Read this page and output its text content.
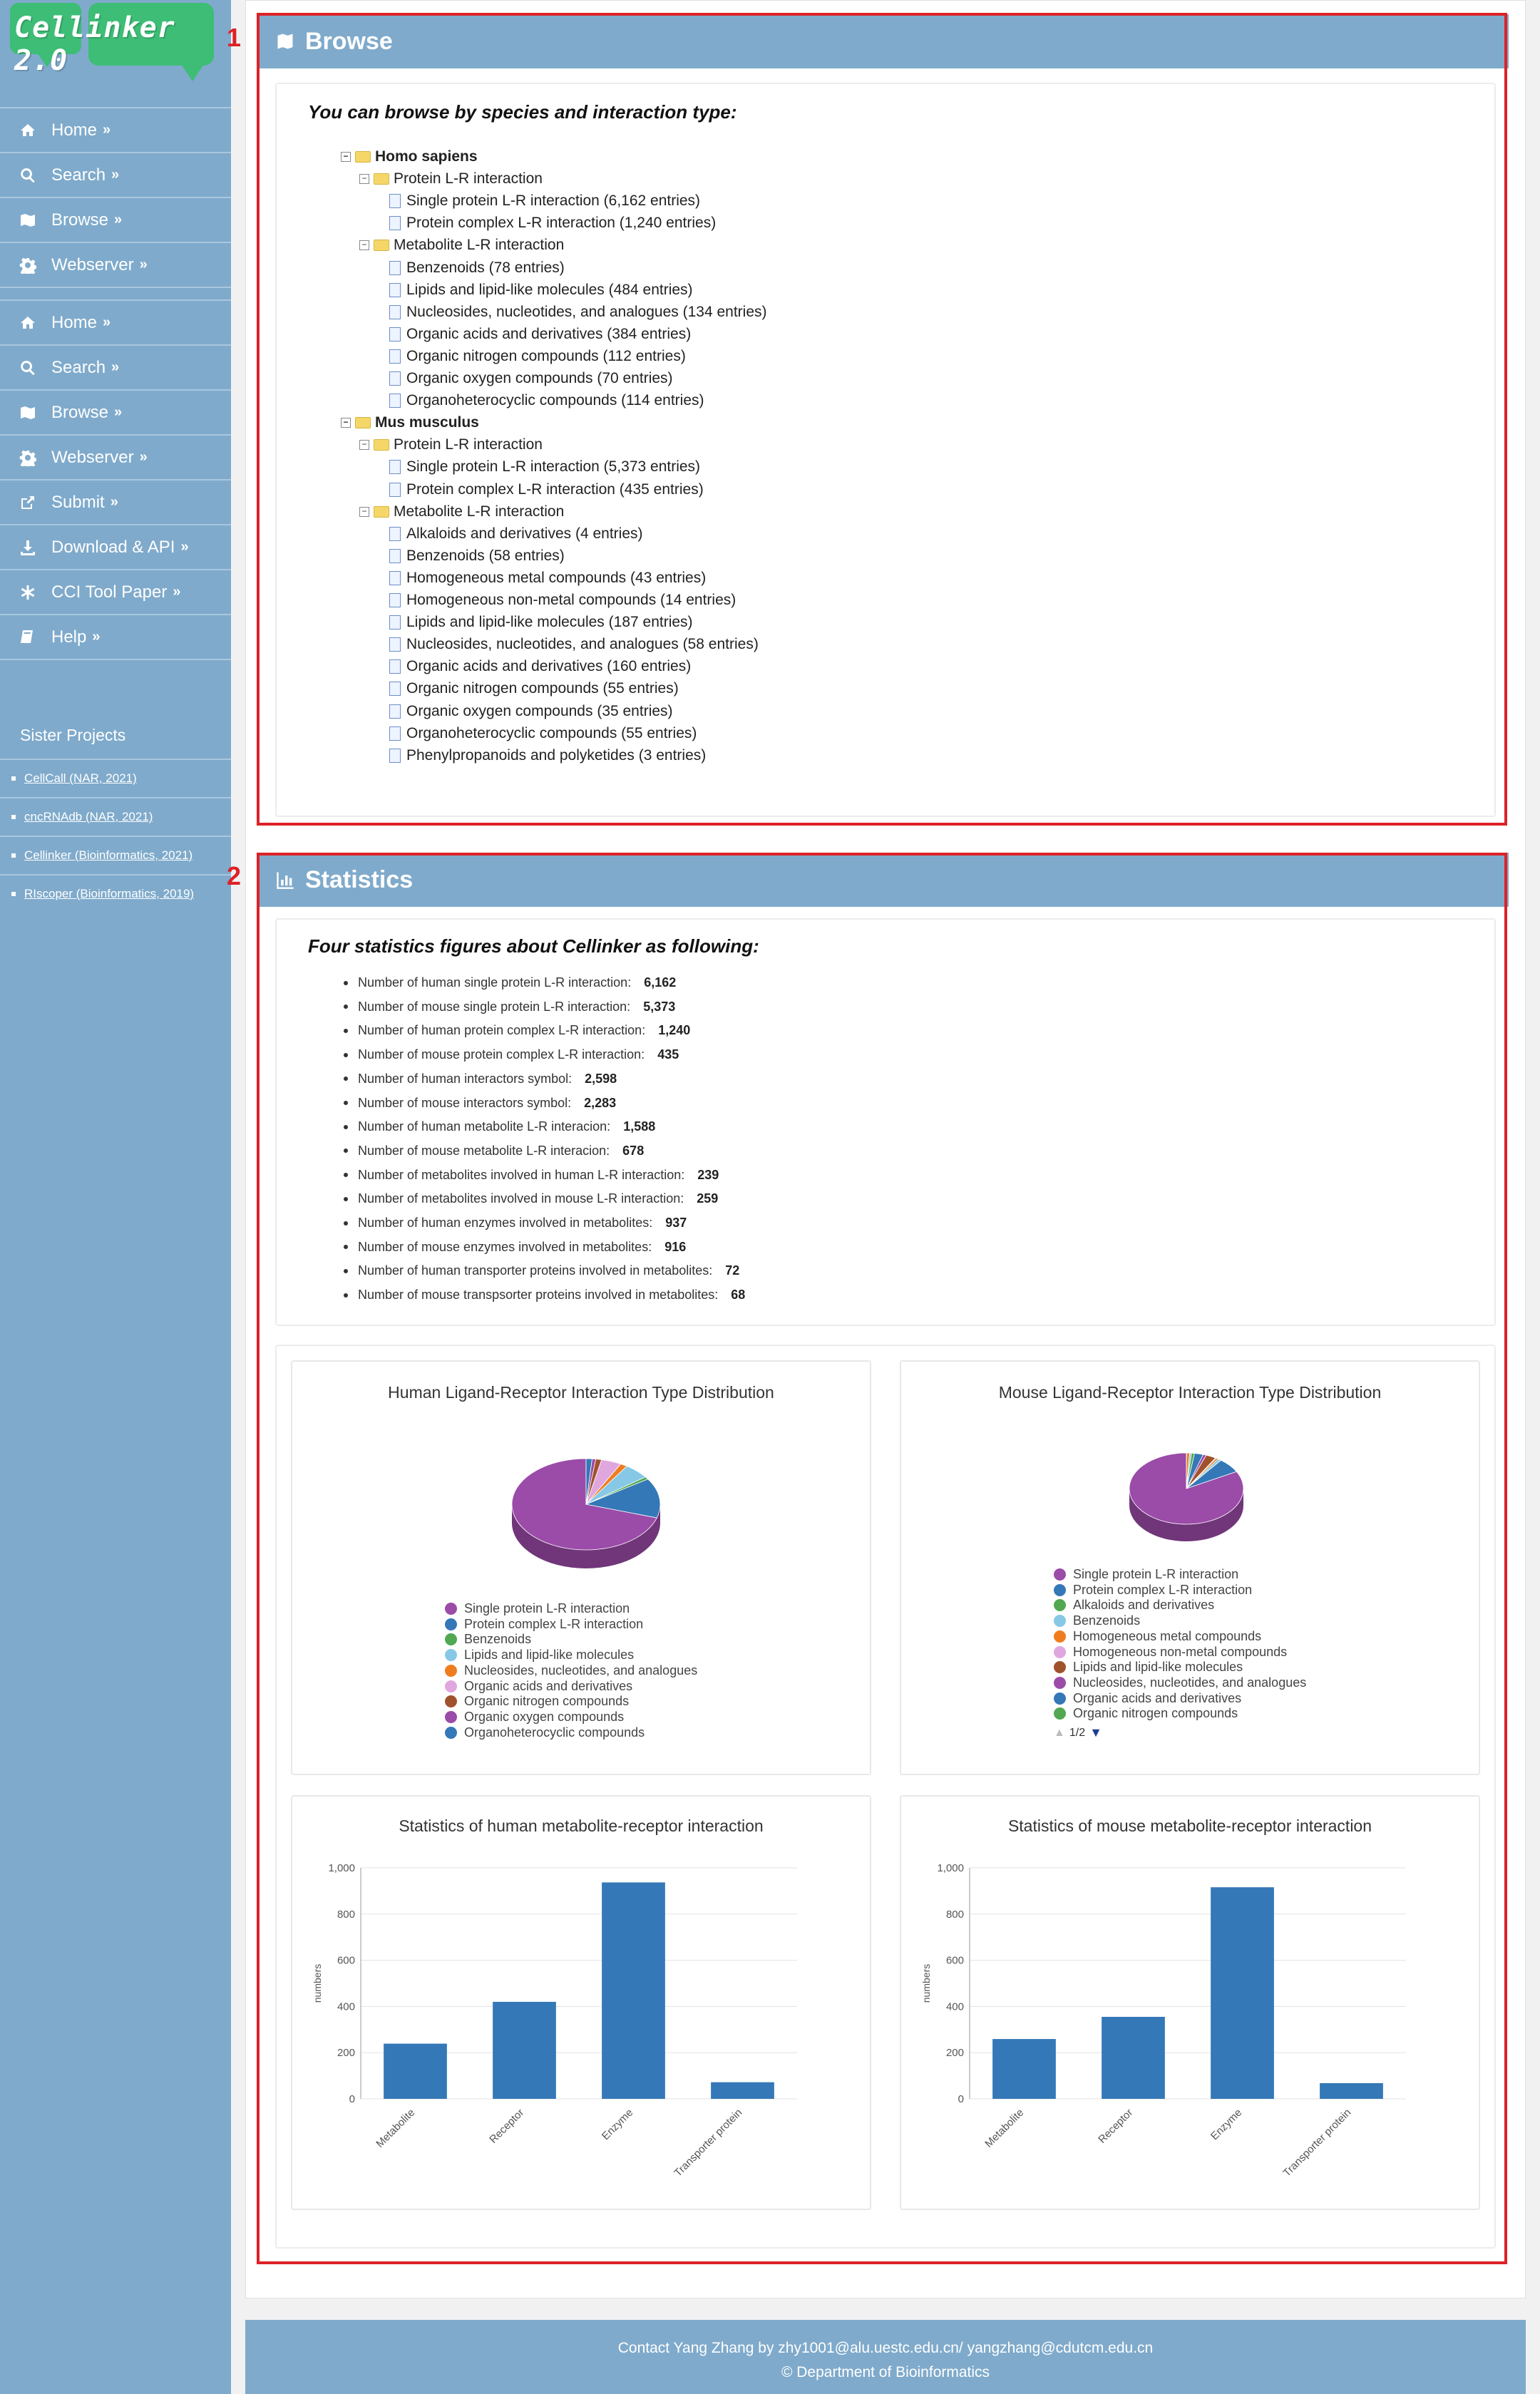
Cellinker 2.0
Home »
Search »
Browse »
Webserver »
Home »
Search »
Browse »
Webserver »
Submit »
Download & API »
CCI Tool Paper »
Help »
Sister Projects
CellCall (NAR, 2021)
cncRNAdb (NAR, 2021)
Cellinker (Bioinformatics, 2021)
RIscoper (Bioinformatics, 2019)
1
2
Browse
You can browse by species and interaction type:
− Homo sapiens
− Protein L-R interaction
Single protein L-R interaction (6,162 entries)
Protein complex L-R interaction (1,240 entries)
− Metabolite L-R interaction
Benzenoids (78 entries)
Lipids and lipid-like molecules (484 entries)
Nucleosides, nucleotides, and analogues (134 entries)
Organic acids and derivatives (384 entries)
Organic nitrogen compounds (112 entries)
Organic oxygen compounds (70 entries)
Organoheterocyclic compounds (114 entries)
− Mus musculus
− Protein L-R interaction
Single protein L-R interaction (5,373 entries)
Protein complex L-R interaction (435 entries)
− Metabolite L-R interaction
Alkaloids and derivatives (4 entries)
Benzenoids (58 entries)
Homogeneous metal compounds (43 entries)
Homogeneous non-metal compounds (14 entries)
Lipids and lipid-like molecules (187 entries)
Nucleosides, nucleotides, and analogues (58 entries)
Organic acids and derivatives (160 entries)
Organic nitrogen compounds (55 entries)
Organic oxygen compounds (35 entries)
Organoheterocyclic compounds (55 entries)
Phenylpropanoids and polyketides (3 entries)
Statistics
Four statistics figures about Cellinker as following:
Number of human single protein L-R interaction: 6,162
Number of mouse single protein L-R interaction: 5,373
Number of human protein complex L-R interaction: 1,240
Number of mouse protein complex L-R interaction: 435
Number of human interactors symbol: 2,598
Number of mouse interactors symbol: 2,283
Number of human metabolite L-R interacion: 1,588
Number of mouse metabolite L-R interacion: 678
Number of metabolites involved in human L-R interaction: 239
Number of metabolites involved in mouse L-R interaction: 259
Number of human enzymes involved in metabolites: 937
Number of mouse enzymes involved in metabolites: 916
Number of human transporter proteins involved in metabolites: 72
Number of mouse transpsorter proteins involved in metabolites: 68
Human Ligand-Receptor Interaction Type Distribution
Single protein L-R interaction
Protein complex L-R interaction
Benzenoids
Lipids and lipid-like molecules
Nucleosides, nucleotides, and analogues
Organic acids and derivatives
Organic nitrogen compounds
Organic oxygen compounds
Organoheterocyclic compounds
Mouse Ligand-Receptor Interaction Type Distribution
Single protein L-R interaction
Protein complex L-R interaction
Alkaloids and derivatives
Benzenoids
Homogeneous metal compounds
Homogeneous non-metal compounds
Lipids and lipid-like molecules
Nucleosides, nucleotides, and analogues
Organic acids and derivatives
Organic nitrogen compounds
▲ 1/2 ▼
Statistics of human metabolite-receptor interaction
0
200
400
600
800
1,000
numbers
Metabolite	Receptor	Enzyme	Transporter protein
Statistics of mouse metabolite-receptor interaction
0
200
400
600
800
1,000
numbers
Metabolite	Receptor	Enzyme	Transporter protein
Contact Yang Zhang by zhy1001@alu.uestc.edu.cn/ yangzhang@cdutcm.edu.cn
© Department of Bioinformatics
